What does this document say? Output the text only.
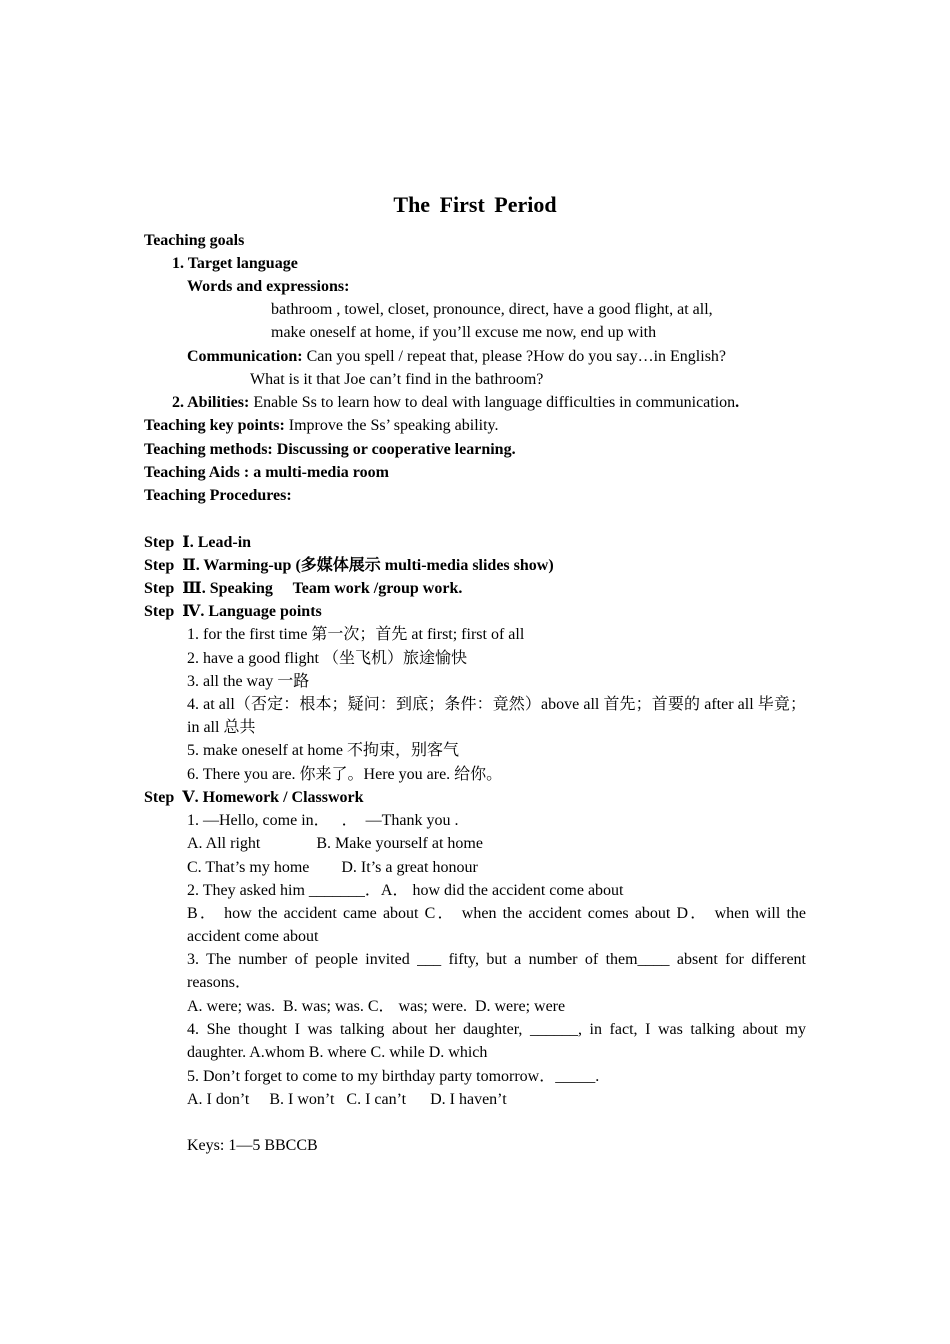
The First Period
Teaching goals
1. Target language
Words and expressions:
bathroom , towel, closet, pronounce, direct, have a good flight, at all,
make oneself at home, if you’ll excuse me now, end up with
Communication: Can you spell / repeat that, please ?How do you say…in English?
What is it that Joe can’t find in the bathroom?
2. Abilities: Enable Ss to learn how to deal with language difficulties in communication.
Teaching key points: Improve the Ss’ speaking ability.
Teaching methods: Discussing or cooperative learning.
Teaching Aids : a multi-media room
Teaching Procedures:
Step  Ⅰ. Lead-in
Step  Ⅱ. Warming-up (多媒体展示 multi-media slides show)
Step  Ⅲ. Speaking     Team work /group work.
Step  Ⅳ. Language points
1. for the first time 第一次；首先 at first; first of all
2. have a good flight （坐飞机）旅途愉快
3. all the way 一路
4. at all（否定：根本；疑问：到底；条件：竟然）above all 首先；首要的 after all 毕竟；in all 总共
5. make oneself at home 不拘束，别客气
6. There you are. 你来了。Here you are. 给你。
Step  Ⅴ. Homework / Classwork
1. —Hello, come in．　 ．  —Thank you .
A. All right              B. Make yourself at home
C. That’s my home        D. It’s a great honour
2. They asked him _______．A． how did the accident come about
B． how the accident came about C． when the accident comes about D． when will the accident come about
3. The number of people invited ___ fifty, but a number of them____ absent for different reasons．
A. were; was.  B. was; was. C． was; were.  D. were; were
4. She thought I was talking about her daughter, ______, in fact, I was talking about my daughter. A.whom B. where C. while D. which
5. Don’t forget to come to my birthday party tomorrow．_____.
A. I don’t     B. I won’t   C. I can’t      D. I haven’t
Keys: 1—5 BBCCB
